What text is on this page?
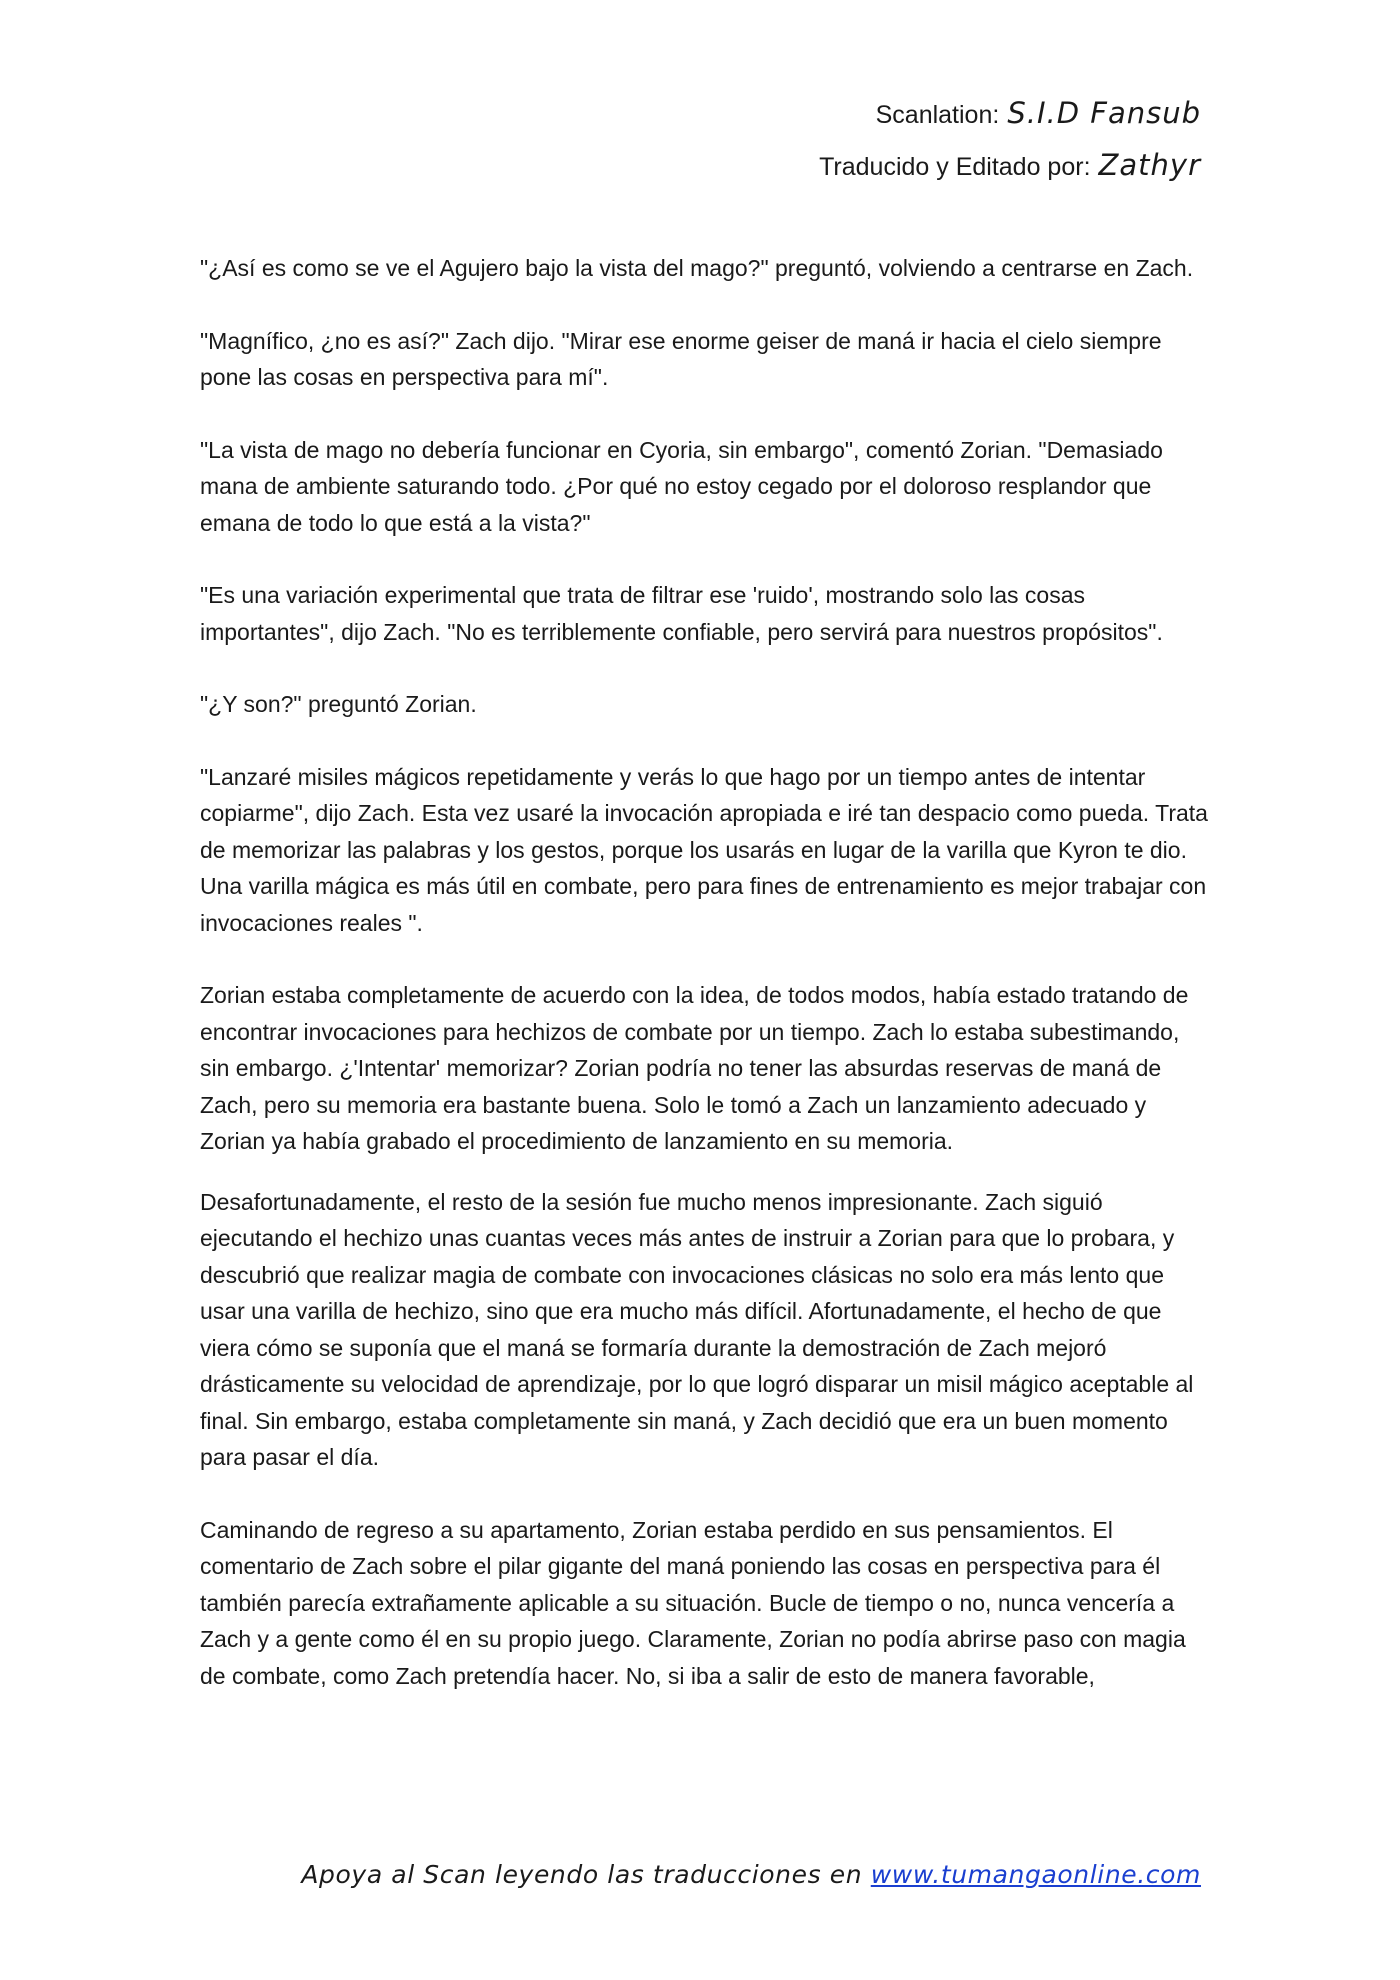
Scanlation: S.I.D Fansub
Traducido y Editado por: Zathyr

"¿Así es como se ve el Agujero bajo la vista del mago?" preguntó, volviendo a centrarse en Zach.

"Magnífico, ¿no es así?" Zach dijo. "Mirar ese enorme geiser de maná ir hacia el cielo siempre pone las cosas en perspectiva para mí".

"La vista de mago no debería funcionar en Cyoria, sin embargo", comentó Zorian. "Demasiado mana de ambiente saturando todo. ¿Por qué no estoy cegado por el doloroso resplandor que emana de todo lo que está a la vista?"

"Es una variación experimental que trata de filtrar ese 'ruido', mostrando solo las cosas importantes", dijo Zach. "No es terriblemente confiable, pero servirá para nuestros propósitos".

"¿Y son?" preguntó Zorian.

"Lanzaré misiles mágicos repetidamente y verás lo que hago por un tiempo antes de intentar copiarme", dijo Zach. Esta vez usaré la invocación apropiada e iré tan despacio como pueda. Trata de memorizar las palabras y los gestos, porque los usarás en lugar de la varilla que Kyron te dio. Una varilla mágica es más útil en combate, pero para fines de entrenamiento es mejor trabajar con invocaciones reales ".

Zorian estaba completamente de acuerdo con la idea, de todos modos, había estado tratando de encontrar invocaciones para hechizos de combate por un tiempo. Zach lo estaba subestimando, sin embargo. ¿'Intentar' memorizar? Zorian podría no tener las absurdas reservas de maná de Zach, pero su memoria era bastante buena. Solo le tomó a Zach un lanzamiento adecuado y Zorian ya había grabado el procedimiento de lanzamiento en su memoria.

Desafortunadamente, el resto de la sesión fue mucho menos impresionante. Zach siguió ejecutando el hechizo unas cuantas veces más antes de instruir a Zorian para que lo probara, y descubrió que realizar magia de combate con invocaciones clásicas no solo era más lento que usar una varilla de hechizo, sino que era mucho más difícil. Afortunadamente, el hecho de que viera cómo se suponía que el maná se formaría durante la demostración de Zach mejoró drásticamente su velocidad de aprendizaje, por lo que logró disparar un misil mágico aceptable al final. Sin embargo, estaba completamente sin maná, y Zach decidió que era un buen momento para pasar el día.

Caminando de regreso a su apartamento, Zorian estaba perdido en sus pensamientos. El comentario de Zach sobre el pilar gigante del maná poniendo las cosas en perspectiva para él también parecía extrañamente aplicable a su situación. Bucle de tiempo o no, nunca vencería a Zach y a gente como él en su propio juego. Claramente, Zorian no podía abrirse paso con magia de combate, como Zach pretendía hacer. No, si iba a salir de esto de manera favorable,

Apoya al Scan leyendo las traducciones en www.tumangaonline.com
